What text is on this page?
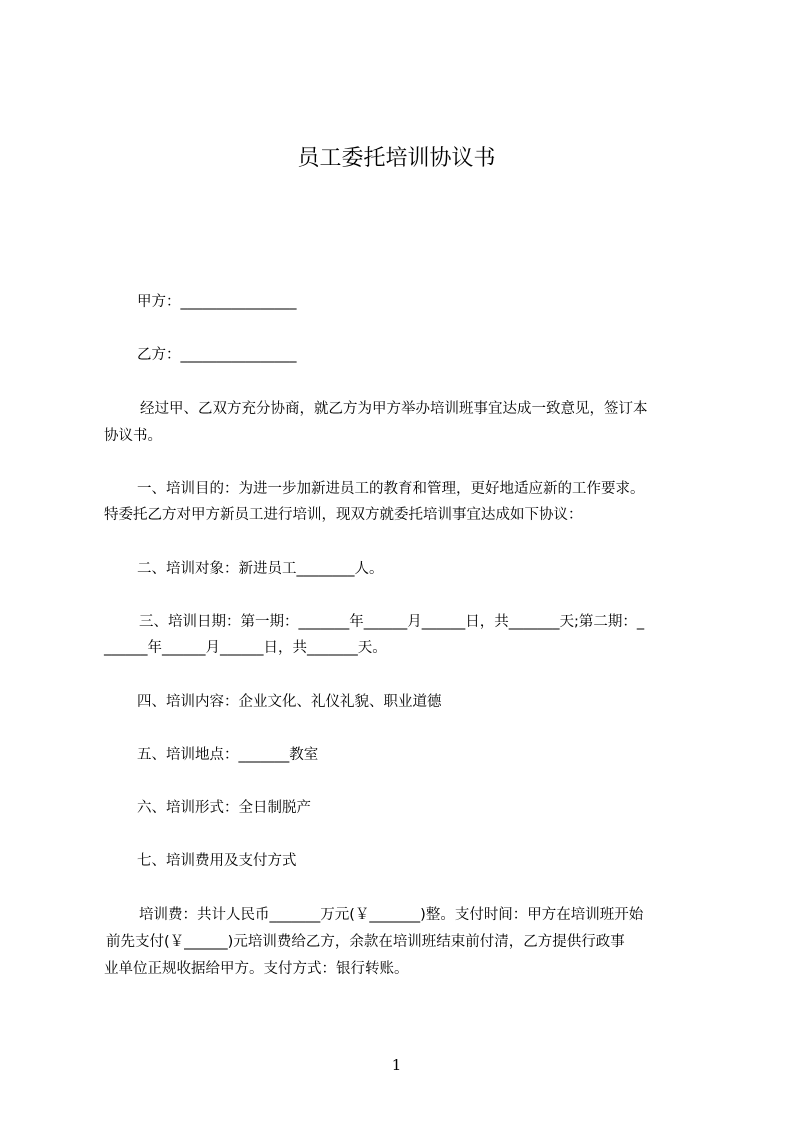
员工委托培训协议书
甲方：________________
乙方：________________
经过甲、乙双方充分协商，就乙方为甲方举办培训班事宜达成一致意见，签订本
协议书。
一、培训目的：为进一步加新进员工的教育和管理，更好地适应新的工作要求。
特委托乙方对甲方新员工进行培训，现双方就委托培训事宜达成如下协议：
二、培训对象：新进员工________人。
三、培训日期：第一期：_______年______月______日，共_______天;第二期：_
______年______月______日，共_______天。
四、培训内容：企业文化、礼仪礼貌、职业道德
五、培训地点：_______教室
六、培训形式：全日制脱产
七、培训费用及支付方式
培训费：共计人民币_______万元(￥_______)整。支付时间：甲方在培训班开始
前先支付(￥______)元培训费给乙方，余款在培训班结束前付清，乙方提供行政事
业单位正规收据给甲方。支付方式：银行转账。
1
